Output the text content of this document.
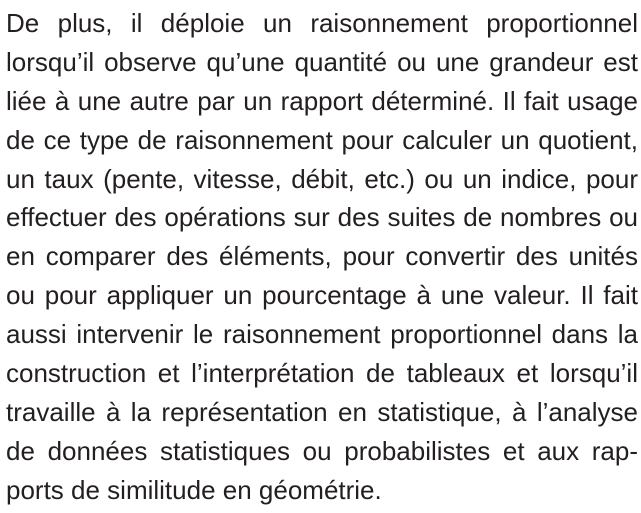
De plus, il déploie un raisonnement proportionnel
lorsqu’il observe qu’une quantité ou une grandeur est
liée à une autre par un rapport déterminé. Il fait usage
de ce type de raisonnement pour calculer un quotient,
un taux (pente, vitesse, débit, etc.) ou un indice, pour
effectuer des opérations sur des suites de nombres ou
en comparer des éléments, pour convertir des unités
ou pour appliquer un pourcentage à une valeur. Il fait
aussi intervenir le raisonnement proportionnel dans la
construction et l’interprétation de tableaux et lorsqu’il
travaille à la représentation en statistique, à l’analyse
de données statistiques ou probabilistes et aux rap-
ports de similitude en géométrie.
